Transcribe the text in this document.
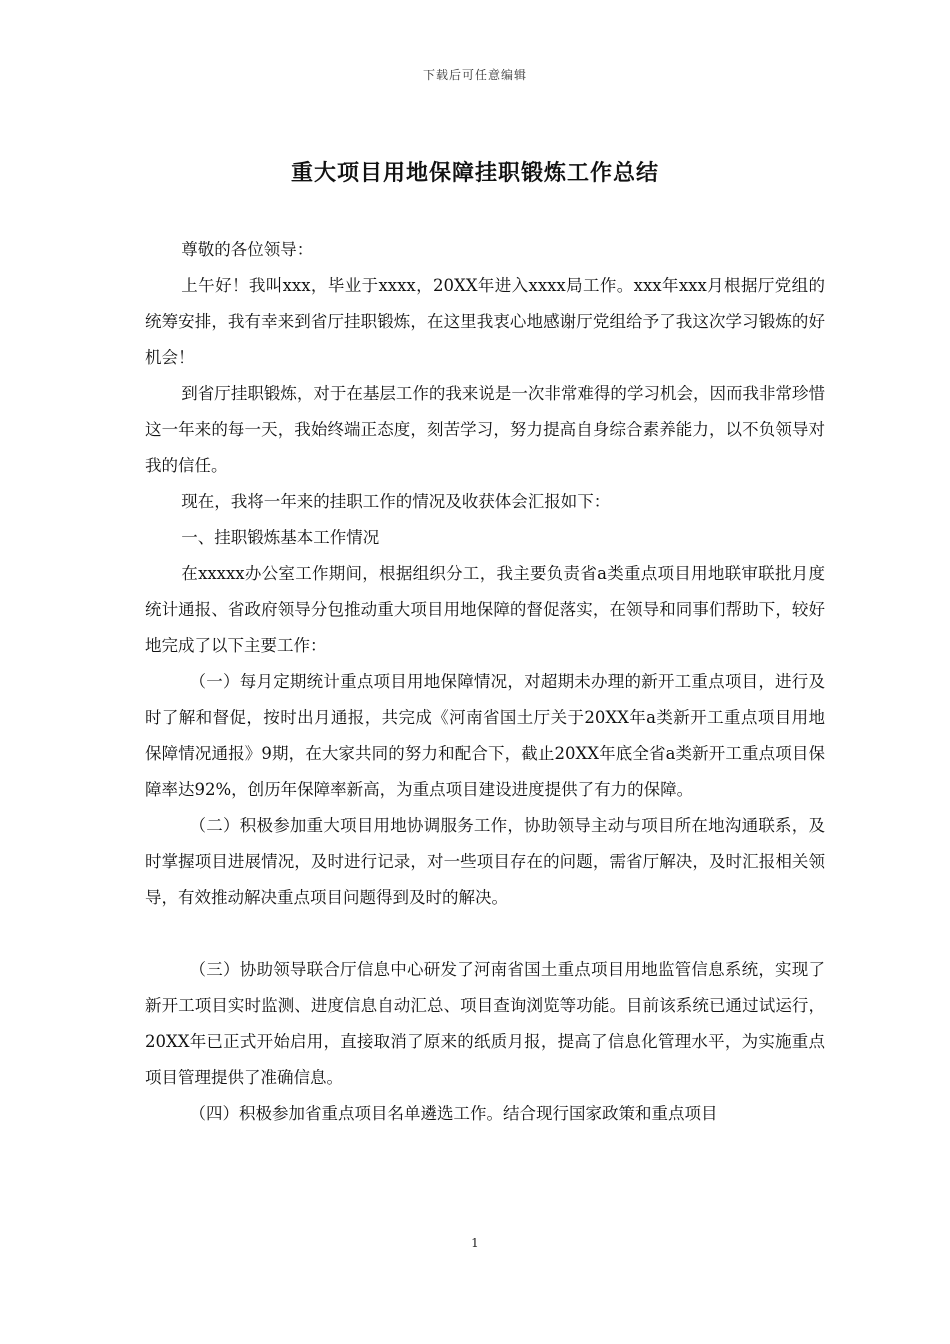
下载后可任意编辑
重大项目用地保障挂职锻炼工作总结

尊敬的各位领导：

上午好！我叫xxx，毕业于xxxx，20XX年进入xxxx局工作。xxx年xxx月根据厅党组的统筹安排，我有幸来到省厅挂职锻炼，在这里我衷心地感谢厅党组给予了我这次学习锻炼的好机会！

到省厅挂职锻炼，对于在基层工作的我来说是一次非常难得的学习机会，因而我非常珍惜这一年来的每一天，我始终端正态度，刻苦学习，努力提高自身综合素养能力，以不负领导对我的信任。

现在，我将一年来的挂职工作的情况及收获体会汇报如下：

一、挂职锻炼基本工作情况

在xxxxx办公室工作期间，根据组织分工，我主要负责省a类重点项目用地联审联批月度统计通报、省政府领导分包推动重大项目用地保障的督促落实，在领导和同事们帮助下，较好地完成了以下主要工作：

（一）每月定期统计重点项目用地保障情况，对超期未办理的新开工重点项目，进行及时了解和督促，按时出月通报，共完成《河南省国土厅关于20XX年a类新开工重点项目用地保障情况通报》9期，在大家共同的努力和配合下，截止20XX年底全省a类新开工重点项目保障率达92%，创历年保障率新高，为重点项目建设进度提供了有力的保障。

（二）积极参加重大项目用地协调服务工作，协助领导主动与项目所在地沟通联系，及时掌握项目进展情况，及时进行记录，对一些项目存在的问题，需省厅解决，及时汇报相关领导，有效推动解决重点项目问题得到及时的解决。

（三）协助领导联合厅信息中心研发了河南省国土重点项目用地监管信息系统，实现了新开工项目实时监测、进度信息自动汇总、项目查询浏览等功能。目前该系统已通过试运行，20XX年已正式开始启用，直接取消了原来的纸质月报，提高了信息化管理水平，为实施重点项目管理提供了准确信息。

（四）积极参加省重点项目名单遴选工作。结合现行国家政策和重点项目

1
